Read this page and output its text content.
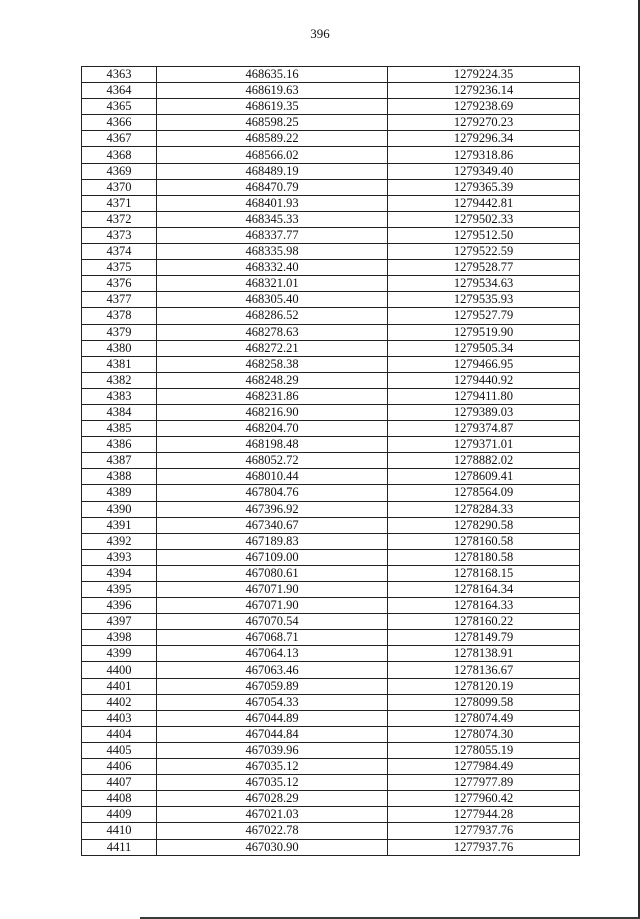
396
4363	468635.16	1279224.35
4364	468619.63	1279236.14
4365	468619.35	1279238.69
4366	468598.25	1279270.23
4367	468589.22	1279296.34
4368	468566.02	1279318.86
4369	468489.19	1279349.40
4370	468470.79	1279365.39
4371	468401.93	1279442.81
4372	468345.33	1279502.33
4373	468337.77	1279512.50
4374	468335.98	1279522.59
4375	468332.40	1279528.77
4376	468321.01	1279534.63
4377	468305.40	1279535.93
4378	468286.52	1279527.79
4379	468278.63	1279519.90
4380	468272.21	1279505.34
4381	468258.38	1279466.95
4382	468248.29	1279440.92
4383	468231.86	1279411.80
4384	468216.90	1279389.03
4385	468204.70	1279374.87
4386	468198.48	1279371.01
4387	468052.72	1278882.02
4388	468010.44	1278609.41
4389	467804.76	1278564.09
4390	467396.92	1278284.33
4391	467340.67	1278290.58
4392	467189.83	1278160.58
4393	467109.00	1278180.58
4394	467080.61	1278168.15
4395	467071.90	1278164.34
4396	467071.90	1278164.33
4397	467070.54	1278160.22
4398	467068.71	1278149.79
4399	467064.13	1278138.91
4400	467063.46	1278136.67
4401	467059.89	1278120.19
4402	467054.33	1278099.58
4403	467044.89	1278074.49
4404	467044.84	1278074.30
4405	467039.96	1278055.19
4406	467035.12	1277984.49
4407	467035.12	1277977.89
4408	467028.29	1277960.42
4409	467021.03	1277944.28
4410	467022.78	1277937.76
4411	467030.90	1277937.76
